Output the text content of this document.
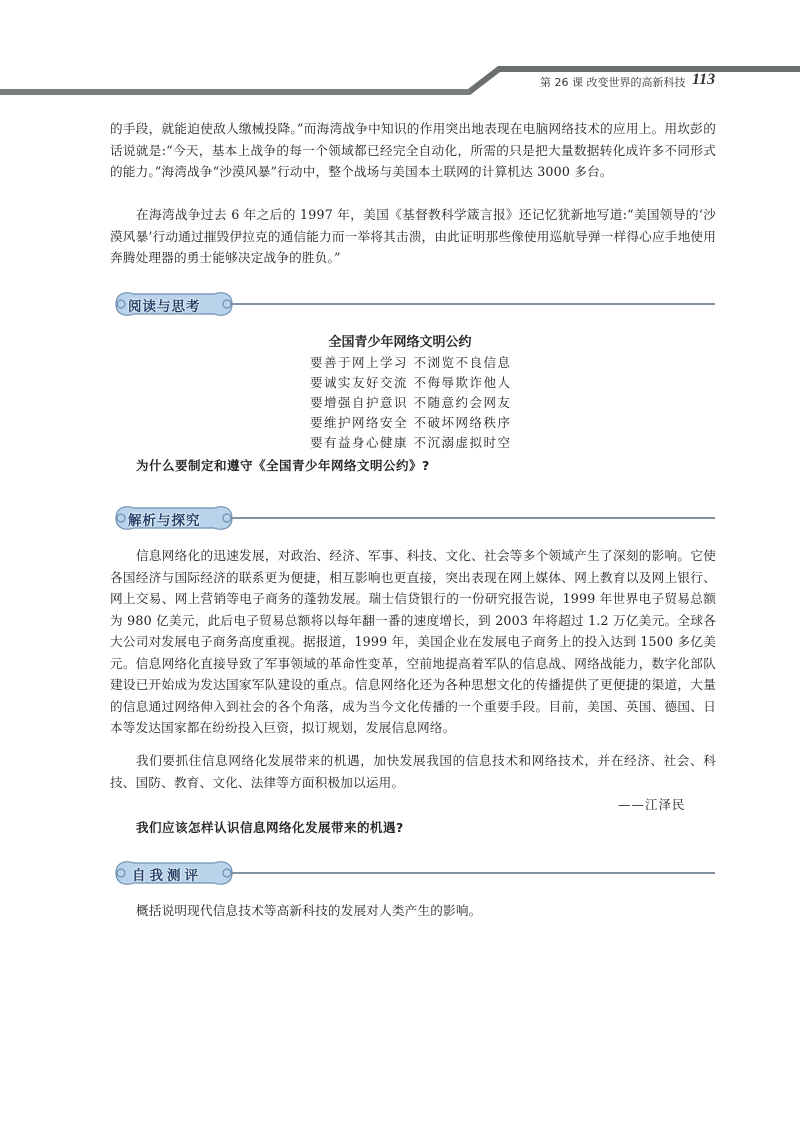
第 26 课 改变世界的高新科技 113

的手段，就能迫使敌人缴械投降。”而海湾战争中知识的作用突出地表现在电脑网络技术的应用上。用坎彭的话说就是:“今天，基本上战争的每一个领域都已经完全自动化，所需的只是把大量数据转化成许多不同形式的能力。”海湾战争“沙漠风暴”行动中，整个战场与美国本土联网的计算机达 3000 多台。

在海湾战争过去 6 年之后的 1997 年，美国《基督教科学箴言报》还记忆犹新地写道:“美国领导的‘沙漠风暴’行动通过摧毁伊拉克的通信能力而一举将其击溃，由此证明那些像使用巡航导弹一样得心应手地使用奔腾处理器的勇士能够决定战争的胜负。”

阅读与思考
全国青少年网络文明公约
要善于网上学习 不浏览不良信息
要诚实友好交流 不侮辱欺诈他人
要增强自护意识 不随意约会网友
要维护网络安全 不破坏网络秩序
要有益身心健康 不沉溺虚拟时空
为什么要制定和遵守《全国青少年网络文明公约》?
解析与探究

信息网络化的迅速发展，对政治、经济、军事、科技、文化、社会等多个领域产生了深刻的影响。它使各国经济与国际经济的联系更为便捷，相互影响也更直接，突出表现在网上媒体、网上教育以及网上银行、网上交易、网上营销等电子商务的蓬勃发展。瑞士信贷银行的一份研究报告说，1999 年世界电子贸易总额为 980 亿美元，此后电子贸易总额将以每年翻一番的速度增长，到 2003 年将超过 1.2 万亿美元。全球各大公司对发展电子商务高度重视。据报道，1999 年，美国企业在发展电子商务上的投入达到 1500 多亿美元。信息网络化直接导致了军事领域的革命性变革，空前地提高着军队的信息战、网络战能力，数字化部队建设已开始成为发达国家军队建设的重点。信息网络化还为各种思想文化的传播提供了更便捷的渠道，大量的信息通过网络伸入到社会的各个角落，成为当今文化传播的一个重要手段。目前，美国、英国、德国、日本等发达国家都在纷纷投入巨资，拟订规划，发展信息网络。

我们要抓住信息网络化发展带来的机遇，加快发展我国的信息技术和网络技术，并在经济、社会、科技、国防、教育、文化、法律等方面积极加以运用。

——江泽民
我们应该怎样认识信息网络化发展带来的机遇?
自我测评

概括说明现代信息技术等高新科技的发展对人类产生的影响。
